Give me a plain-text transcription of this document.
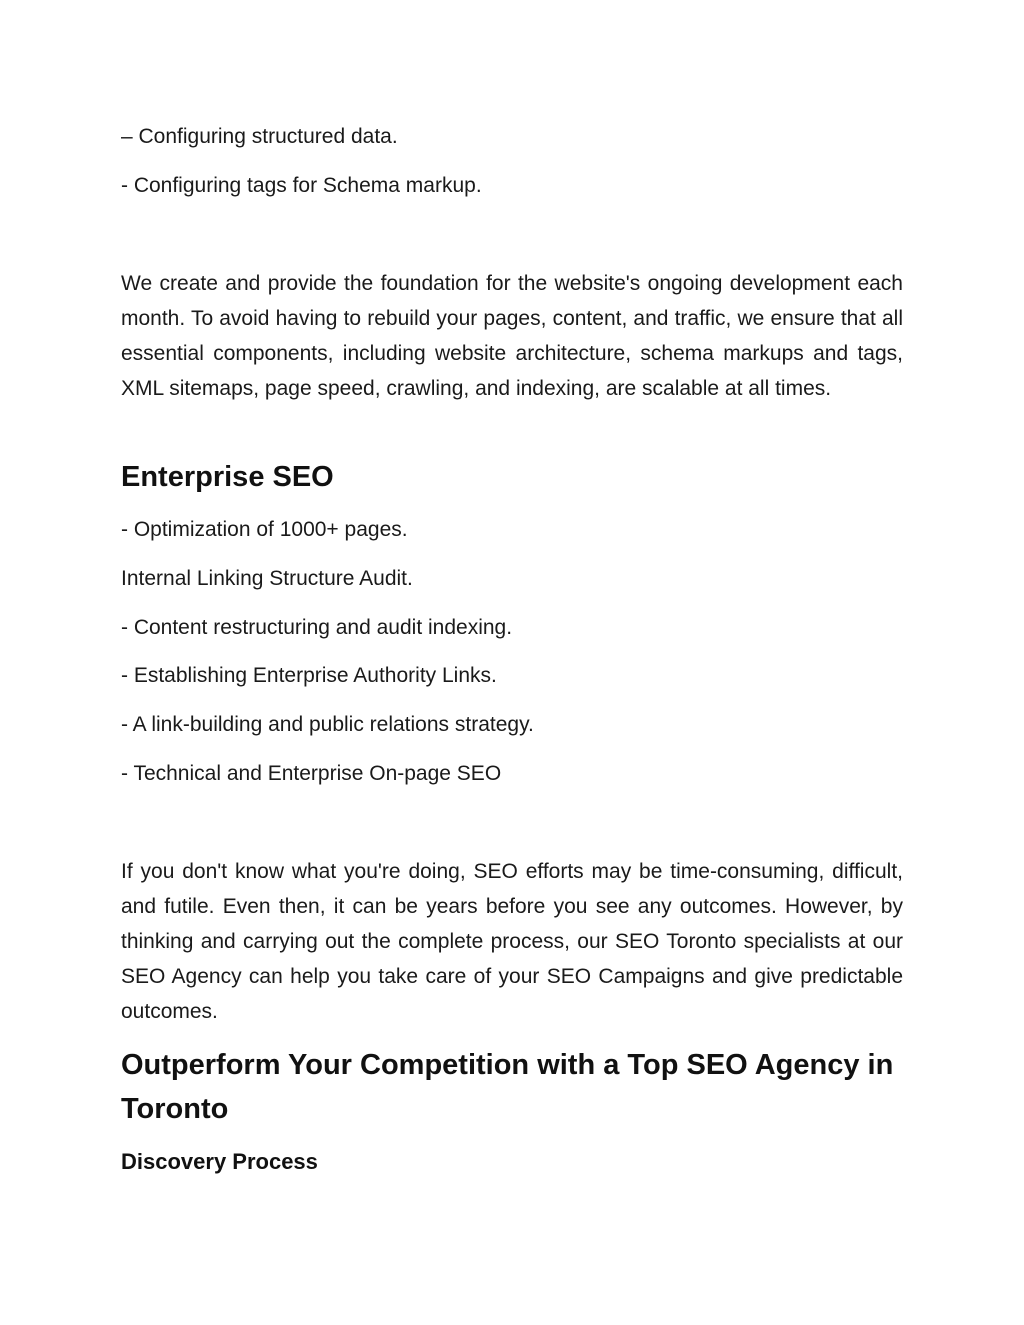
– Configuring structured data.
- Configuring tags for Schema markup.

We create and provide the foundation for the website's ongoing development each month. To avoid having to rebuild your pages, content, and traffic, we ensure that all essential components, including website architecture, schema markups and tags, XML sitemaps, page speed, crawling, and indexing, are scalable at all times.

Enterprise SEO
- Optimization of 1000+ pages.
Internal Linking Structure Audit.
- Content restructuring and audit indexing.
- Establishing Enterprise Authority Links.
- A link-building and public relations strategy.
- Technical and Enterprise On-page SEO

If you don't know what you're doing, SEO efforts may be time-consuming, difficult, and futile. Even then, it can be years before you see any outcomes. However, by thinking and carrying out the complete process, our SEO Toronto specialists at our SEO Agency can help you take care of your SEO Campaigns and give predictable outcomes.

Outperform Your Competition with a Top SEO Agency in Toronto
Discovery Process
